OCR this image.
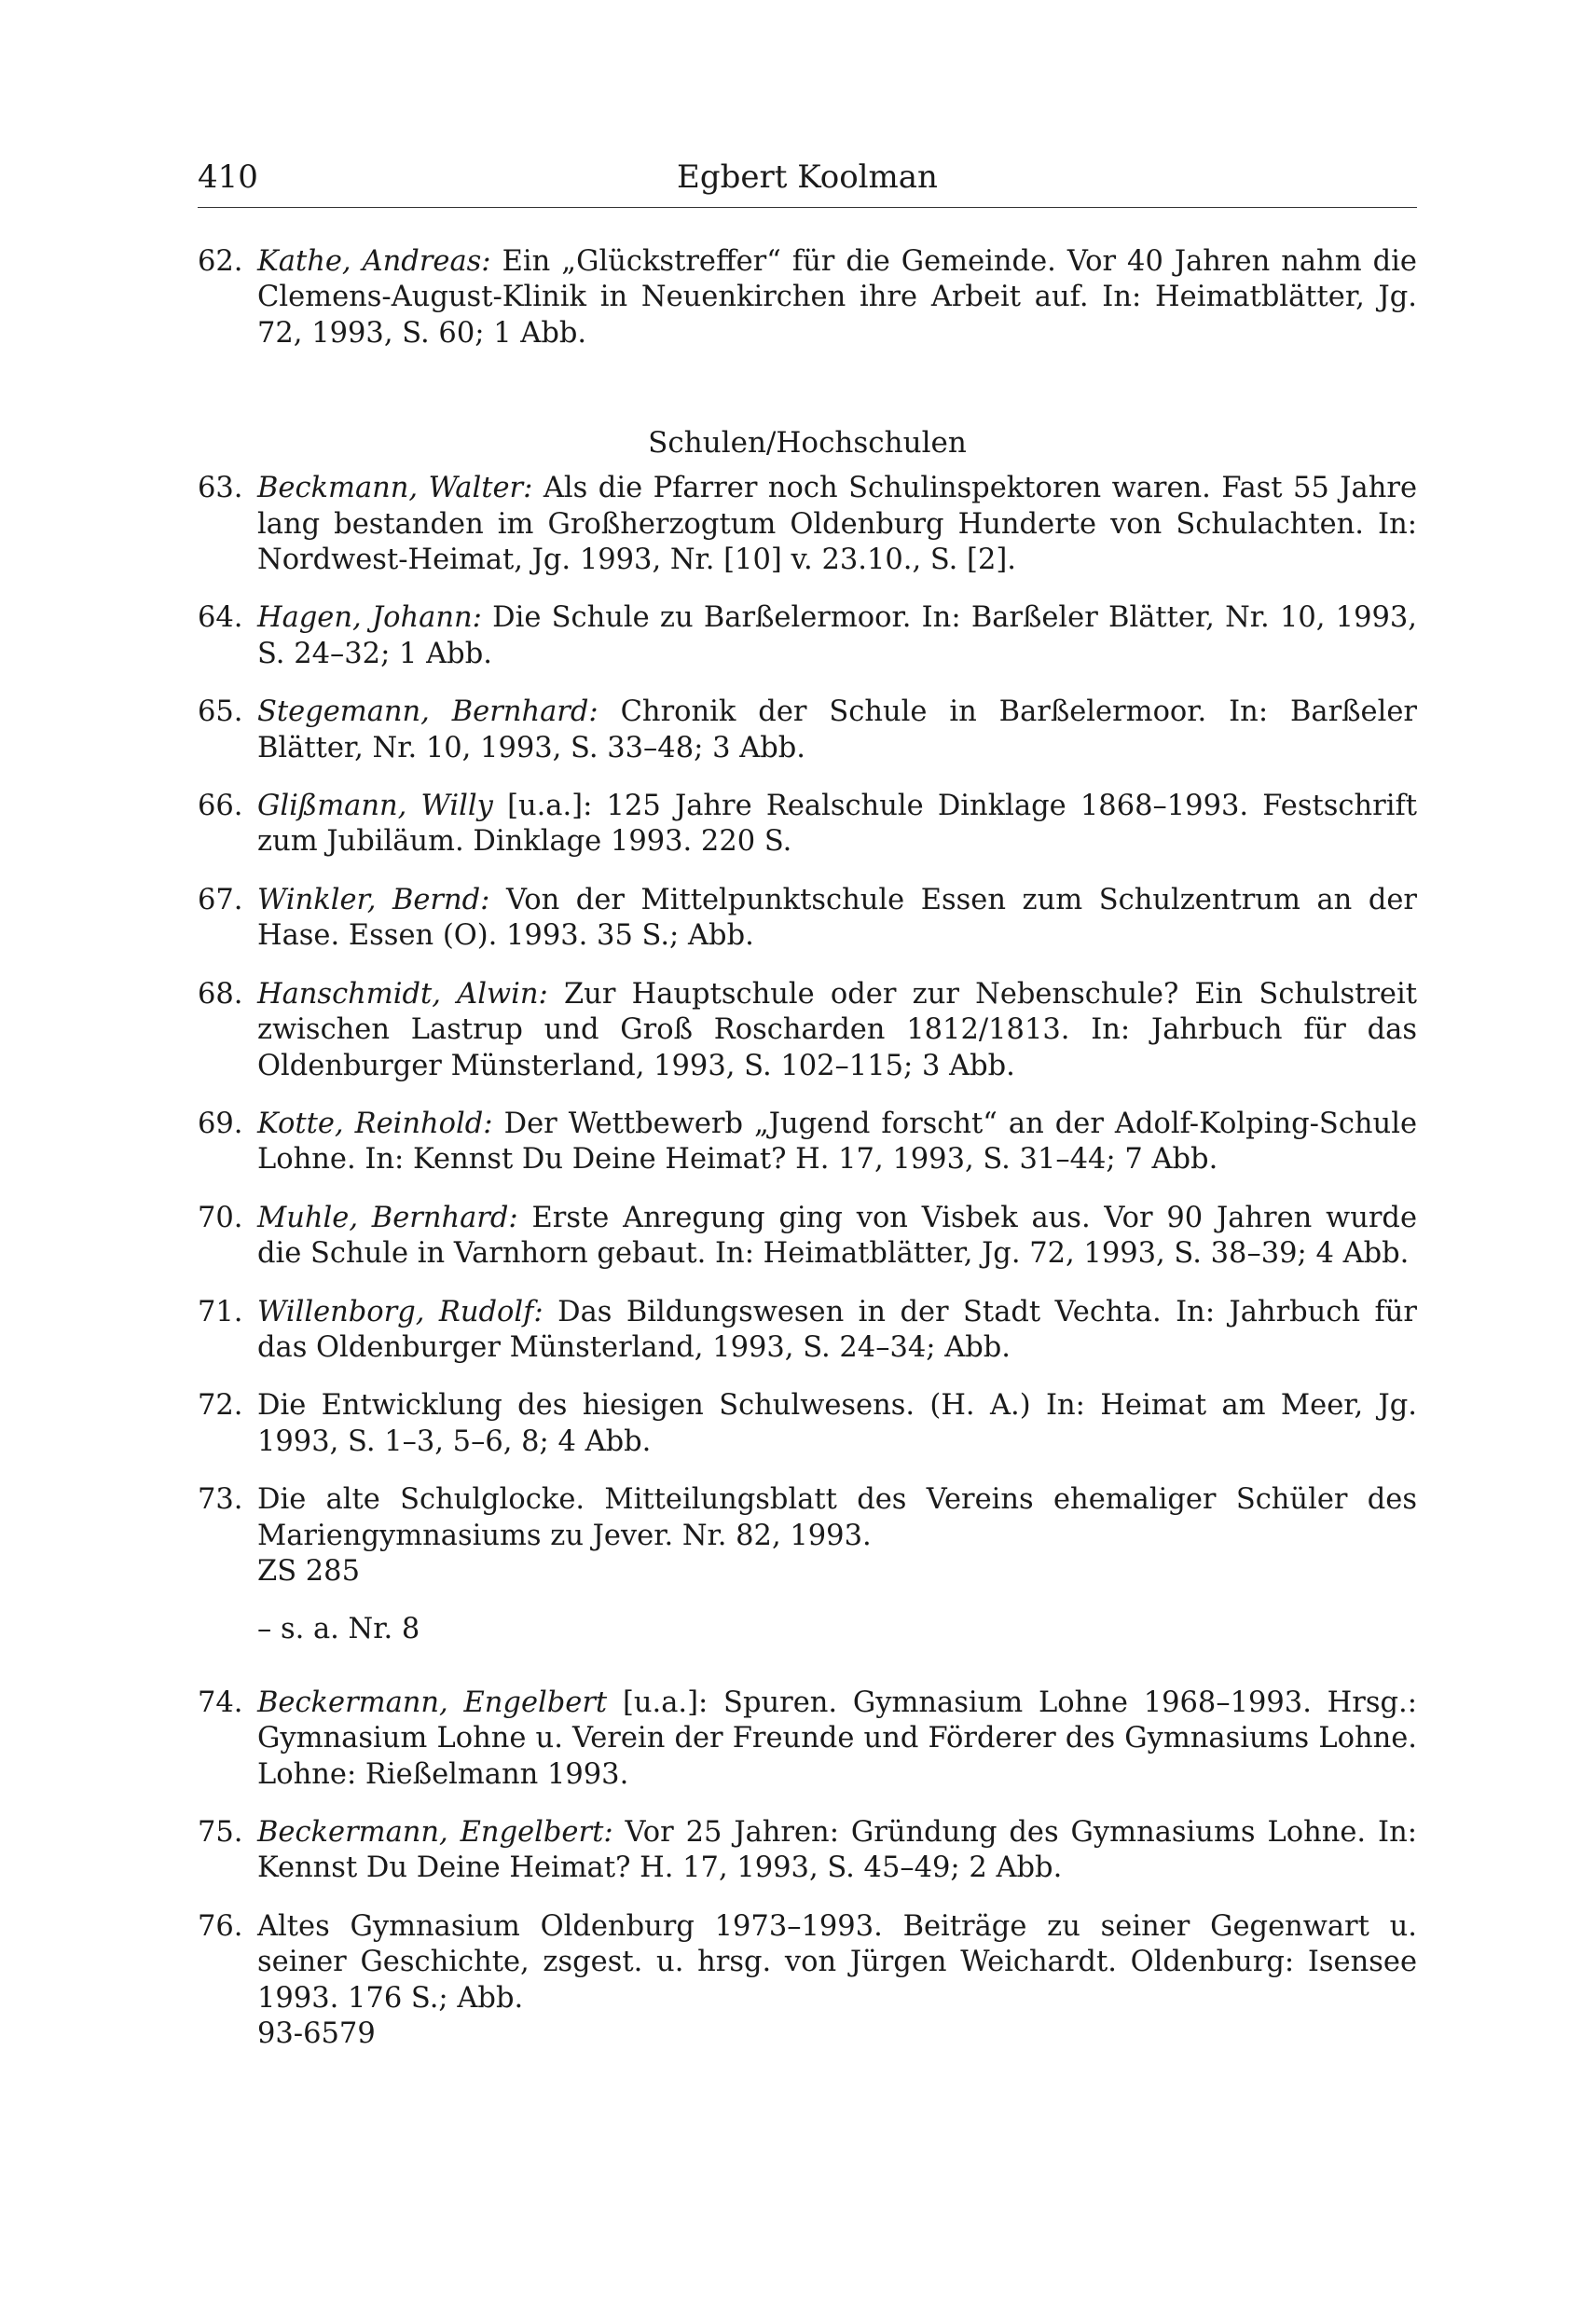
410	Egbert Koolman
62. Kathe, Andreas: Ein „Glückstreffer“ für die Gemeinde. Vor 40 Jahren nahm die Clemens-August-Klinik in Neuenkirchen ihre Arbeit auf. In: Heimatblätter, Jg. 72, 1993, S. 60; 1 Abb.
Schulen/Hochschulen
63. Beckmann, Walter: Als die Pfarrer noch Schulinspektoren waren. Fast 55 Jahre lang bestanden im Großherzogtum Oldenburg Hunderte von Schulachten. In: Nordwest-Heimat, Jg. 1993, Nr. [10] v. 23.10., S. [2].
64. Hagen, Johann: Die Schule zu Barßelermoor. In: Barßeler Blätter, Nr. 10, 1993, S. 24–32; 1 Abb.
65. Stegemann, Bernhard: Chronik der Schule in Barßelermoor. In: Barßeler Blätter, Nr. 10, 1993, S. 33–48; 3 Abb.
66. Glißmann, Willy [u.a.]: 125 Jahre Realschule Dinklage 1868–1993. Festschrift zum Jubiläum. Dinklage 1993. 220 S.
67. Winkler, Bernd: Von der Mittelpunktschule Essen zum Schulzentrum an der Hase. Essen (O). 1993. 35 S.; Abb.
68. Hanschmidt, Alwin: Zur Hauptschule oder zur Nebenschule? Ein Schulstreit zwischen Lastrup und Groß Roscharden 1812/1813. In: Jahrbuch für das Oldenburger Münsterland, 1993, S. 102–115; 3 Abb.
69. Kotte, Reinhold: Der Wettbewerb „Jugend forscht“ an der Adolf-Kolping-Schule Lohne. In: Kennst Du Deine Heimat? H. 17, 1993, S. 31–44; 7 Abb.
70. Muhle, Bernhard: Erste Anregung ging von Visbek aus. Vor 90 Jahren wurde die Schule in Varnhorn gebaut. In: Heimatblätter, Jg. 72, 1993, S. 38–39; 4 Abb.
71. Willenborg, Rudolf: Das Bildungswesen in der Stadt Vechta. In: Jahrbuch für das Oldenburger Münsterland, 1993, S. 24–34; Abb.
72. Die Entwicklung des hiesigen Schulwesens. (H. A.) In: Heimat am Meer, Jg. 1993, S. 1–3, 5–6, 8; 4 Abb.
73. Die alte Schulglocke. Mitteilungsblatt des Vereins ehemaliger Schüler des Mariengymnasiums zu Jever. Nr. 82, 1993.
ZS 285
– s. a. Nr. 8
74. Beckermann, Engelbert [u.a.]: Spuren. Gymnasium Lohne 1968–1993. Hrsg.: Gymnasium Lohne u. Verein der Freunde und Förderer des Gymnasiums Lohne. Lohne: Rießelmann 1993.
75. Beckermann, Engelbert: Vor 25 Jahren: Gründung des Gymnasiums Lohne. In: Kennst Du Deine Heimat? H. 17, 1993, S. 45–49; 2 Abb.
76. Altes Gymnasium Oldenburg 1973–1993. Beiträge zu seiner Gegenwart u. seiner Geschichte, zsgest. u. hrsg. von Jürgen Weichardt. Oldenburg: Isensee 1993. 176 S.; Abb.
93-6579
